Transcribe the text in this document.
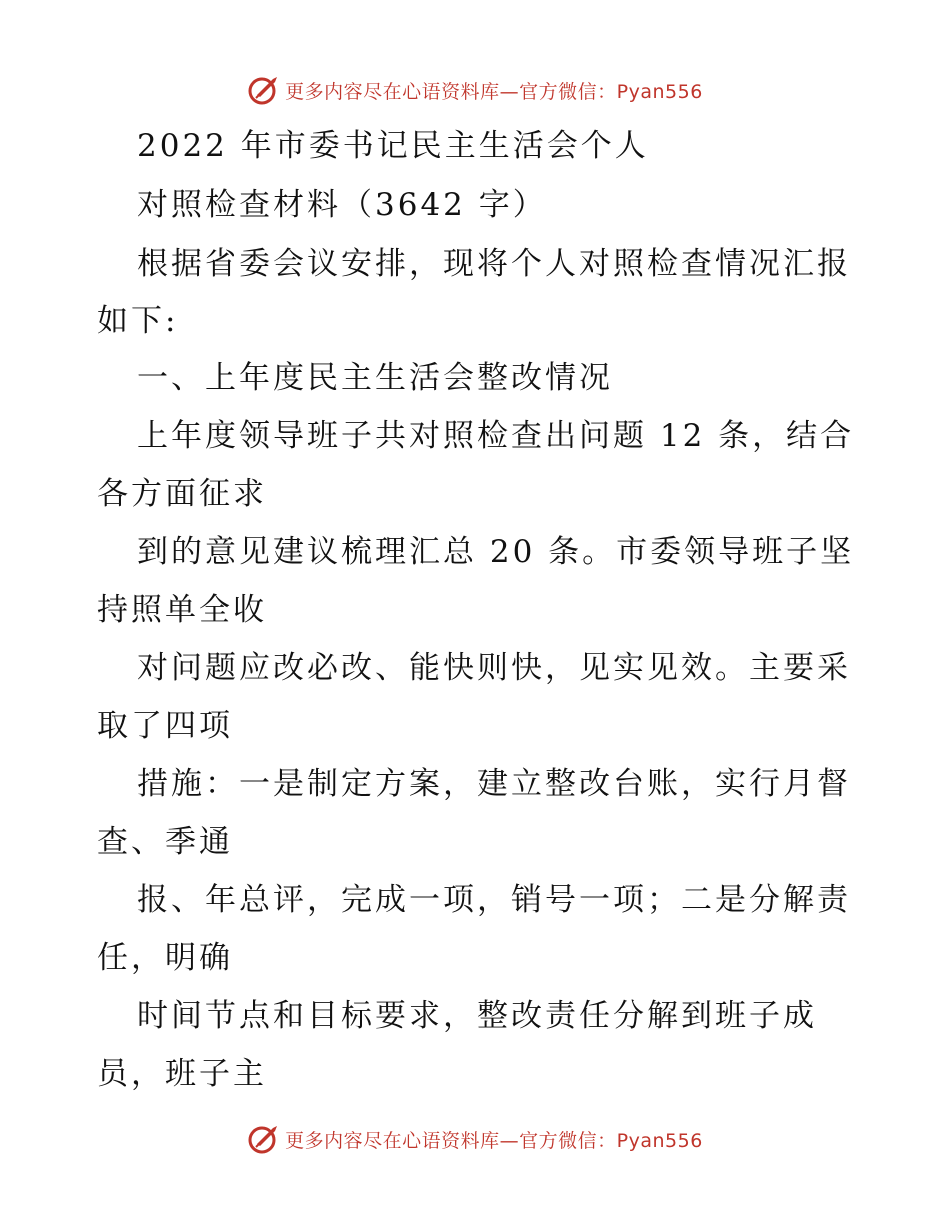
更多内容尽在心语资料库—官方微信：Pyan556
2022 年市委书记民主生活会个人
对照检查材料（3642 字）
根据省委会议安排，现将个人对照检查情况汇报
如下:
一、上年度民主生活会整改情况
上年度领导班子共对照检查出问题 12 条，结合
各方面征求
到的意见建议梳理汇总 20 条。市委领导班子坚
持照单全收
对问题应改必改、能快则快，见实见效。主要采
取了四项
措施：一是制定方案，建立整改台账，实行月督
查、季通
报、年总评，完成一项，销号一项；二是分解责
任，明确
时间节点和目标要求，整改责任分解到班子成
员，班子主
更多内容尽在心语资料库—官方微信：Pyan556
